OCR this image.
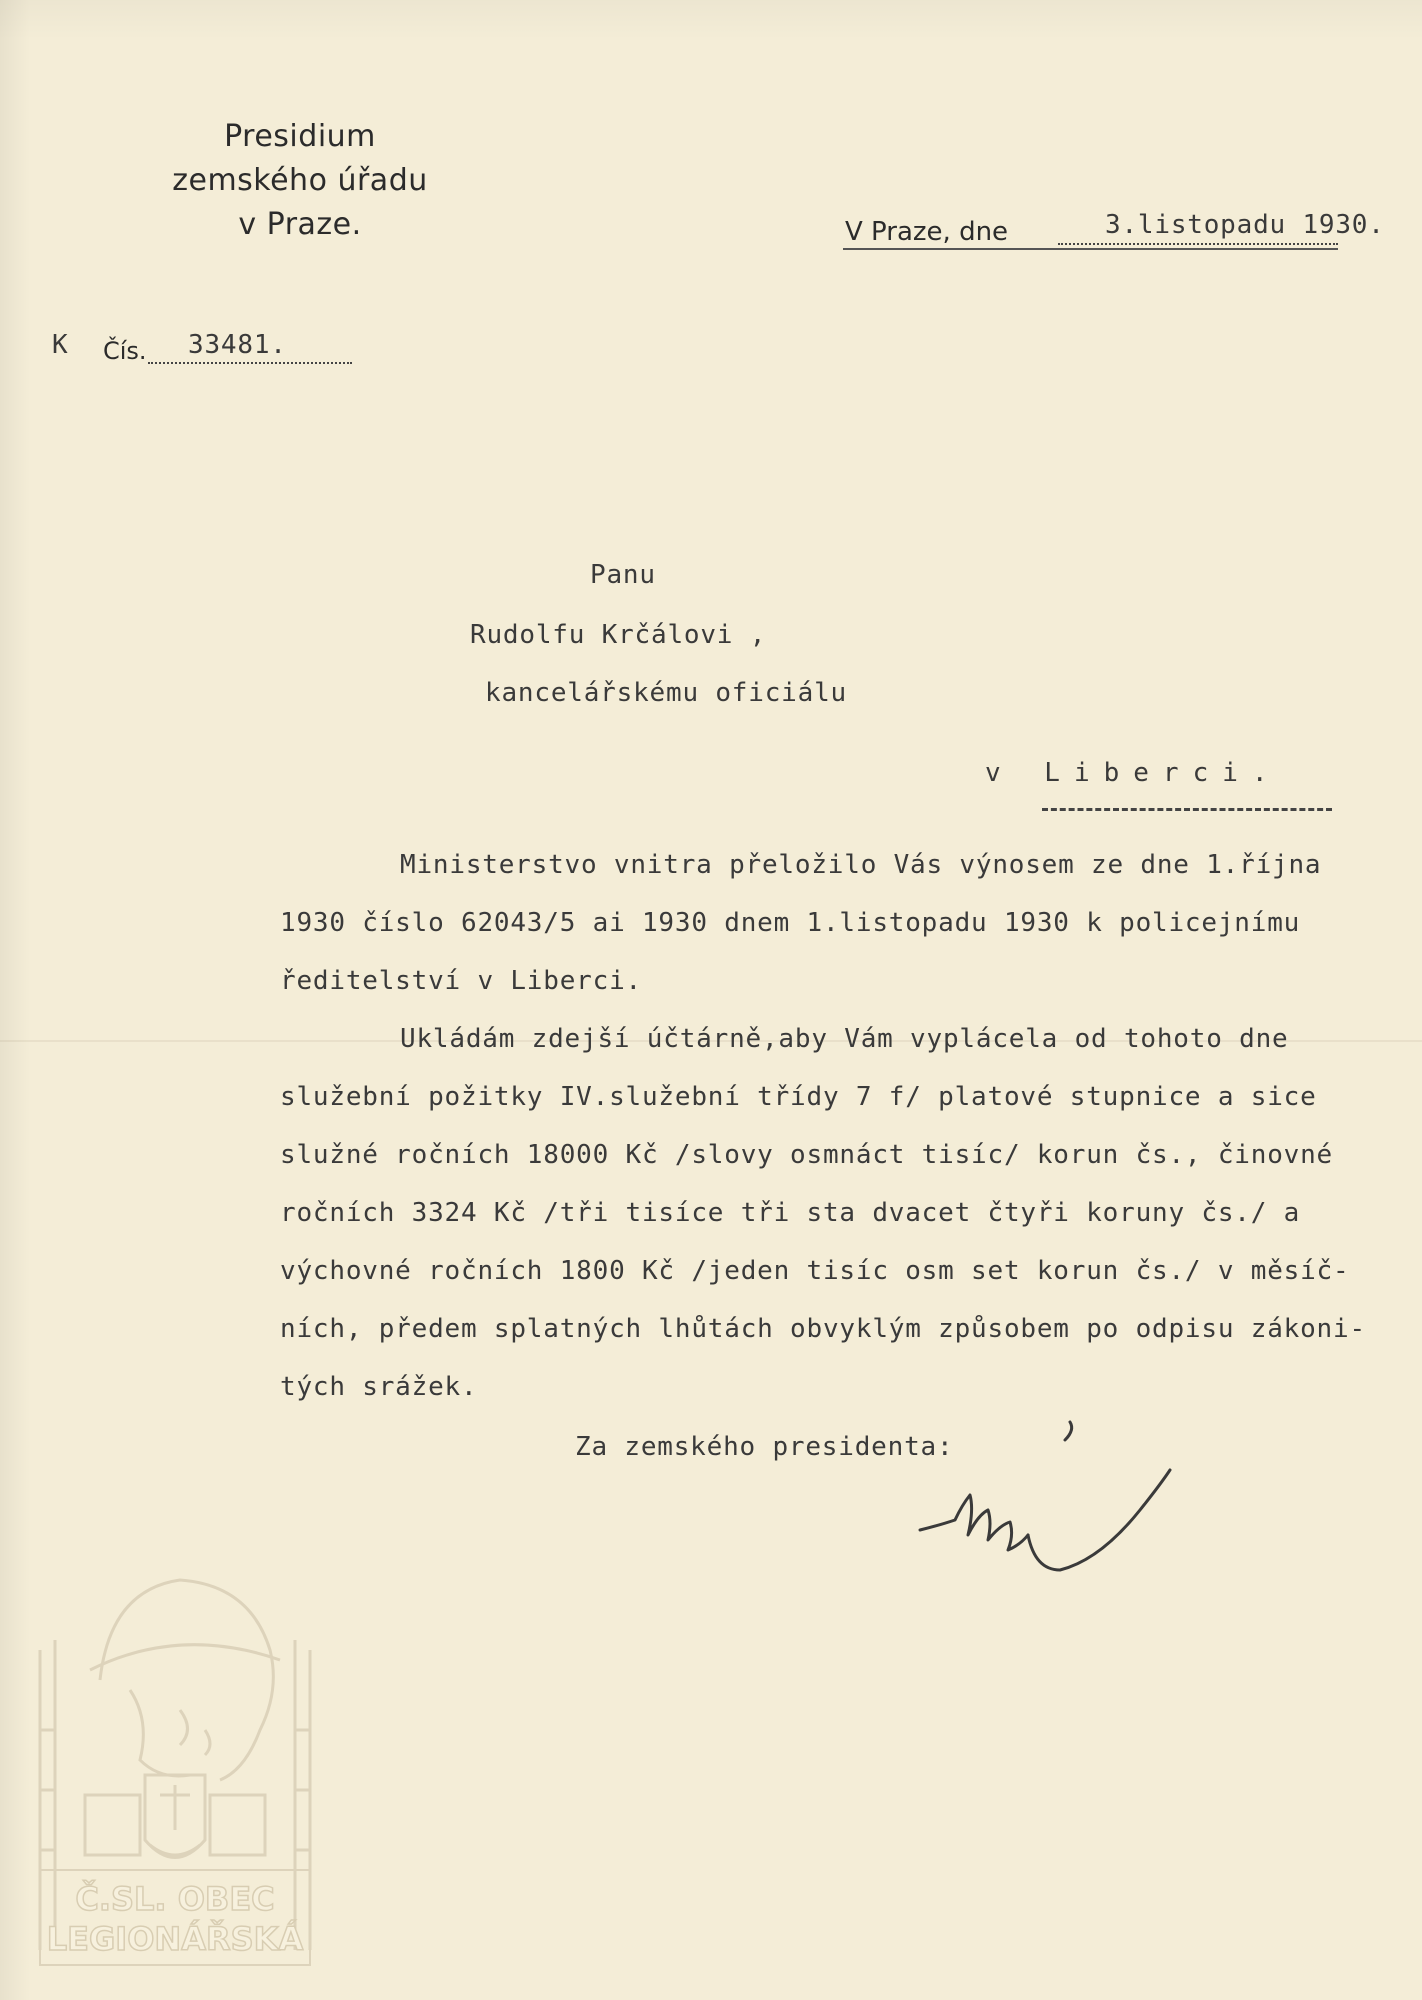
Presidium
zemského úřadu
v Praze.	V Praze, dne	3.listopadu 1930.
K Čís. 33481.
Panu
Rudolfu Krčálovi ,
kancelářskému oficiálu
v Liberci.
Ministerstvo vnitra přeložilo Vás výnosem ze dne 1.října
1930 číslo 62043/5 ai 1930 dnem 1.listopadu 1930 k policejnímu
ředitelství v Liberci.
Ukládám zdejší účtárně,aby Vám vyplácela od tohoto dne
služební požitky IV.služební třídy 7 f/ platové stupnice a sice
služné ročních 18000 Kč /slovy osmnáct tisíc/ korun čs., činovné
ročních 3324 Kč /tři tisíce tři sta dvacet čtyři koruny čs./ a
výchovné ročních 1800 Kč /jeden tisíc osm set korun čs./ v měsíč-
ních, předem splatných lhůtách obvyklým způsobem po odpisu zákoni-
tých srážek.
Za zemského presidenta:
Č.SL. OBEC
LEGIONÁŘSKÁ
